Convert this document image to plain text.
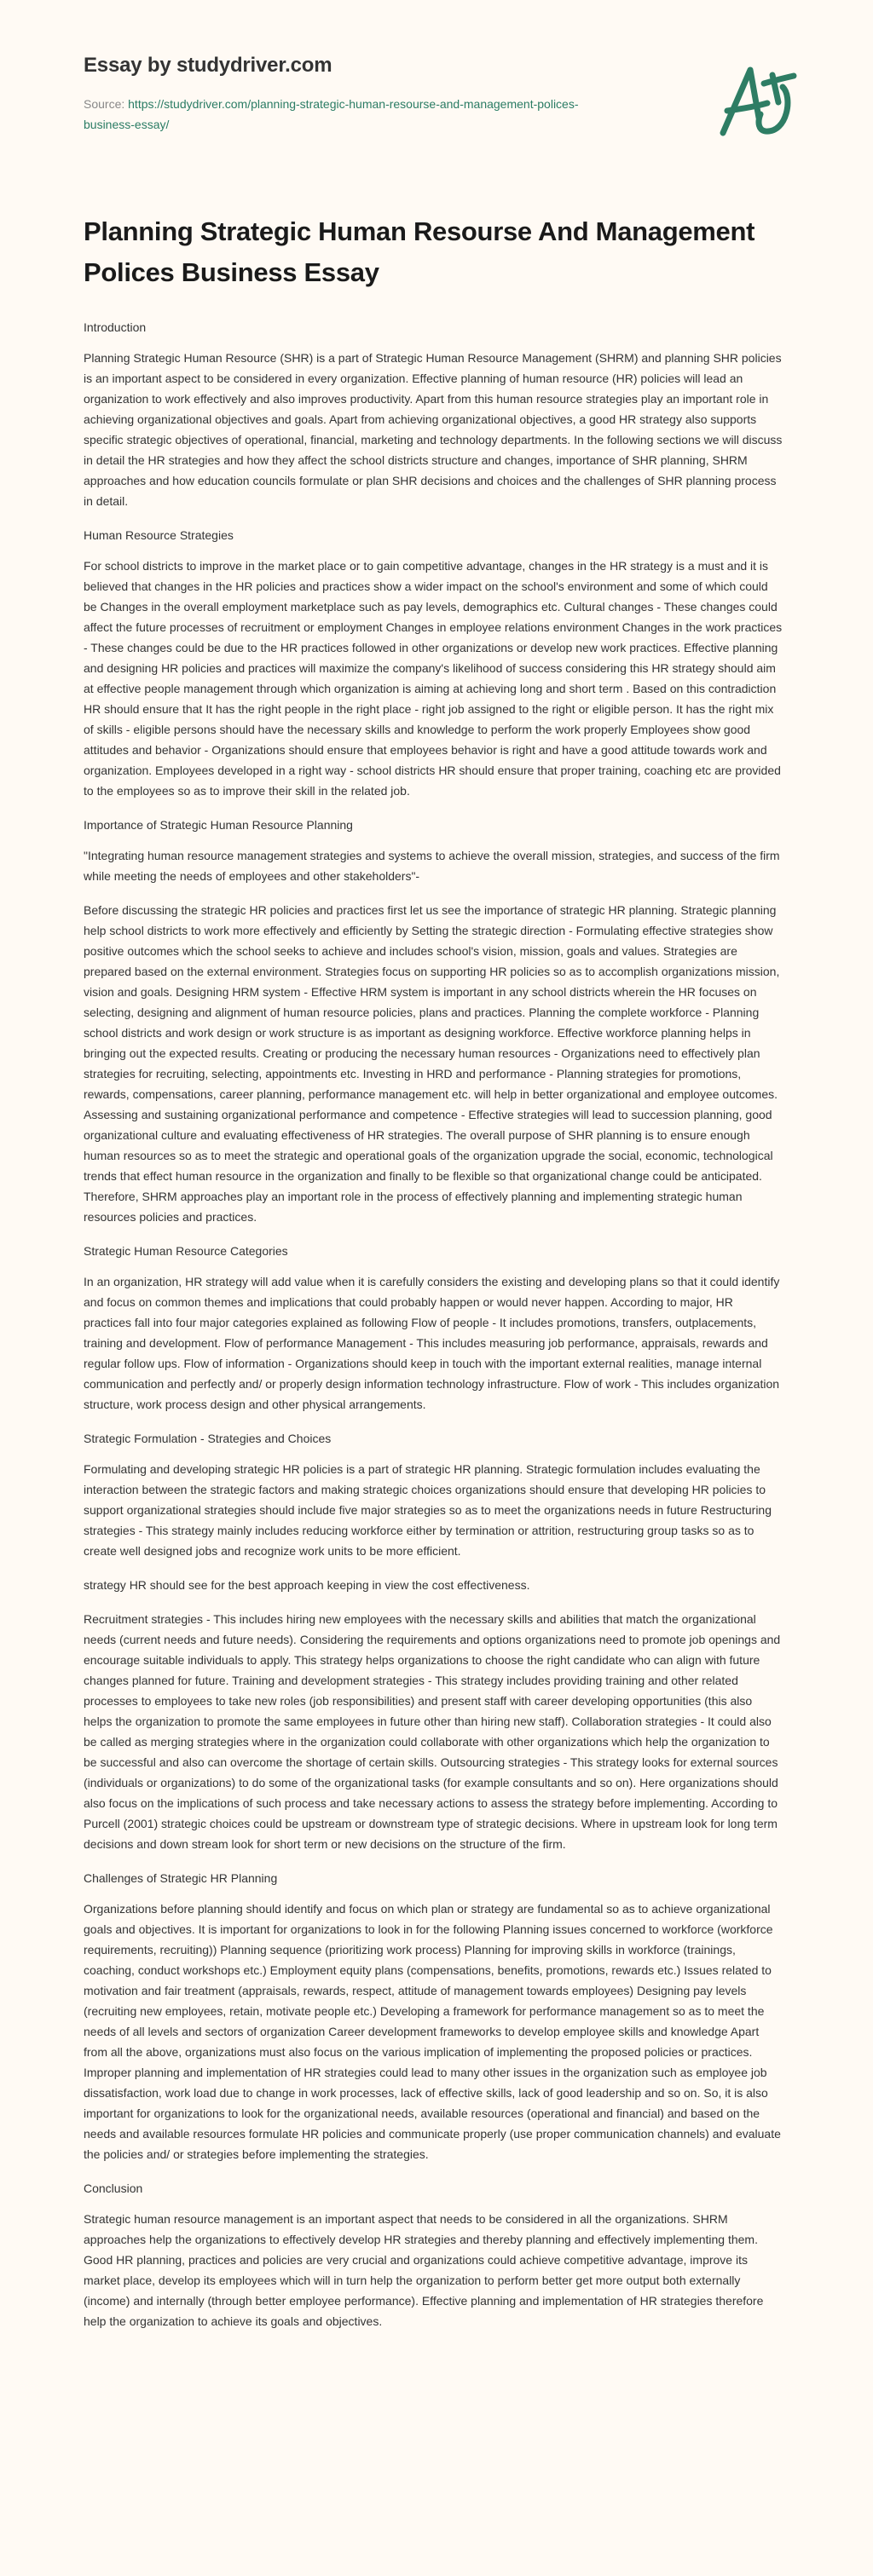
Essay by studydriver.com
Source: https://studydriver.com/planning-strategic-human-resourse-and-management-polices-business-essay/
Planning Strategic Human Resourse And Management Polices Business Essay

Introduction

Planning Strategic Human Resource (SHR) is a part of Strategic Human Resource Management (SHRM) and planning SHR policies is an important aspect to be considered in every organization. Effective planning of human resource (HR) policies will lead an organization to work effectively and also improves productivity. Apart from this human resource strategies play an important role in achieving organizational objectives and goals. Apart from achieving organizational objectives, a good HR strategy also supports specific strategic objectives of operational, financial, marketing and technology departments. In the following sections we will discuss in detail the HR strategies and how they affect the school districts structure and changes, importance of SHR planning, SHRM approaches and how education councils formulate or plan SHR decisions and choices and the challenges of SHR planning process in detail.

Human Resource Strategies

For school districts to improve in the market place or to gain competitive advantage, changes in the HR strategy is a must and it is believed that changes in the HR policies and practices show a wider impact on the school's environment and some of which could be Changes in the overall employment marketplace such as pay levels, demographics etc. Cultural changes - These changes could affect the future processes of recruitment or employment Changes in employee relations environment Changes in the work practices - These changes could be due to the HR practices followed in other organizations or develop new work practices. Effective planning and designing HR policies and practices will maximize the company's likelihood of success considering this HR strategy should aim at effective people management through which organization is aiming at achieving long and short term . Based on this contradiction HR should ensure that It has the right people in the right place - right job assigned to the right or eligible person. It has the right mix of skills - eligible persons should have the necessary skills and knowledge to perform the work properly Employees show good attitudes and behavior - Organizations should ensure that employees behavior is right and have a good attitude towards work and organization. Employees developed in a right way - school districts HR should ensure that proper training, coaching etc are provided to the employees so as to improve their skill in the related job.

Importance of Strategic Human Resource Planning

"Integrating human resource management strategies and systems to achieve the overall mission, strategies, and success of the firm while meeting the needs of employees and other stakeholders"-

Before discussing the strategic HR policies and practices first let us see the importance of strategic HR planning. Strategic planning help school districts to work more effectively and efficiently by Setting the strategic direction - Formulating effective strategies show positive outcomes which the school seeks to achieve and includes school's vision, mission, goals and values. Strategies are prepared based on the external environment. Strategies focus on supporting HR policies so as to accomplish organizations mission, vision and goals. Designing HRM system - Effective HRM system is important in any school districts wherein the HR focuses on selecting, designing and alignment of human resource policies, plans and practices. Planning the complete workforce - Planning school districts and work design or work structure is as important as designing workforce. Effective workforce planning helps in bringing out the expected results. Creating or producing the necessary human resources - Organizations need to effectively plan strategies for recruiting, selecting, appointments etc. Investing in HRD and performance - Planning strategies for promotions, rewards, compensations, career planning, performance management etc. will help in better organizational and employee outcomes. Assessing and sustaining organizational performance and competence - Effective strategies will lead to succession planning, good organizational culture and evaluating effectiveness of HR strategies. The overall purpose of SHR planning is to ensure enough human resources so as to meet the strategic and operational goals of the organization upgrade the social, economic, technological trends that effect human resource in the organization and finally to be flexible so that organizational change could be anticipated. Therefore, SHRM approaches play an important role in the process of effectively planning and implementing strategic human resources policies and practices.

Strategic Human Resource Categories

In an organization, HR strategy will add value when it is carefully considers the existing and developing plans so that it could identify and focus on common themes and implications that could probably happen or would never happen. According to major, HR practices fall into four major categories explained as following Flow of people - It includes promotions, transfers, outplacements, training and development. Flow of performance Management - This includes measuring job performance, appraisals, rewards and regular follow ups. Flow of information - Organizations should keep in touch with the important external realities, manage internal communication and perfectly and/ or properly design information technology infrastructure. Flow of work - This includes organization structure, work process design and other physical arrangements.

Strategic Formulation - Strategies and Choices

Formulating and developing strategic HR policies is a part of strategic HR planning. Strategic formulation includes evaluating the interaction between the strategic factors and making strategic choices organizations should ensure that developing HR policies to support organizational strategies should include five major strategies so as to meet the organizations needs in future Restructuring strategies - This strategy mainly includes reducing workforce either by termination or attrition, restructuring group tasks so as to create well designed jobs and recognize work units to be more efficient.

strategy HR should see for the best approach keeping in view the cost effectiveness.

Recruitment strategies - This includes hiring new employees with the necessary skills and abilities that match the organizational needs (current needs and future needs). Considering the requirements and options organizations need to promote job openings and encourage suitable individuals to apply. This strategy helps organizations to choose the right candidate who can align with future changes planned for future. Training and development strategies - This strategy includes providing training and other related processes to employees to take new roles (job responsibilities) and present staff with career developing opportunities (this also helps the organization to promote the same employees in future other than hiring new staff). Collaboration strategies - It could also be called as merging strategies where in the organization could collaborate with other organizations which help the organization to be successful and also can overcome the shortage of certain skills. Outsourcing strategies - This strategy looks for external sources (individuals or organizations) to do some of the organizational tasks (for example consultants and so on). Here organizations should also focus on the implications of such process and take necessary actions to assess the strategy before implementing. According to Purcell (2001) strategic choices could be upstream or downstream type of strategic decisions. Where in upstream look for long term decisions and down stream look for short term or new decisions on the structure of the firm.

Challenges of Strategic HR Planning

Organizations before planning should identify and focus on which plan or strategy are fundamental so as to achieve organizational goals and objectives. It is important for organizations to look in for the following Planning issues concerned to workforce (workforce requirements, recruiting)) Planning sequence (prioritizing work process) Planning for improving skills in workforce (trainings, coaching, conduct workshops etc.) Employment equity plans (compensations, benefits, promotions, rewards etc.) Issues related to motivation and fair treatment (appraisals, rewards, respect, attitude of management towards employees) Designing pay levels (recruiting new employees, retain, motivate people etc.) Developing a framework for performance management so as to meet the needs of all levels and sectors of organization Career development frameworks to develop employee skills and knowledge Apart from all the above, organizations must also focus on the various implication of implementing the proposed policies or practices. Improper planning and implementation of HR strategies could lead to many other issues in the organization such as employee job dissatisfaction, work load due to change in work processes, lack of effective skills, lack of good leadership and so on. So, it is also important for organizations to look for the organizational needs, available resources (operational and financial) and based on the needs and available resources formulate HR policies and communicate properly (use proper communication channels) and evaluate the policies and/ or strategies before implementing the strategies.

Conclusion

Strategic human resource management is an important aspect that needs to be considered in all the organizations. SHRM approaches help the organizations to effectively develop HR strategies and thereby planning and effectively implementing them. Good HR planning, practices and policies are very crucial and organizations could achieve competitive advantage, improve its market place, develop its employees which will in turn help the organization to perform better get more output both externally (income) and internally (through better employee performance). Effective planning and implementation of HR strategies therefore help the organization to achieve its goals and objectives.
